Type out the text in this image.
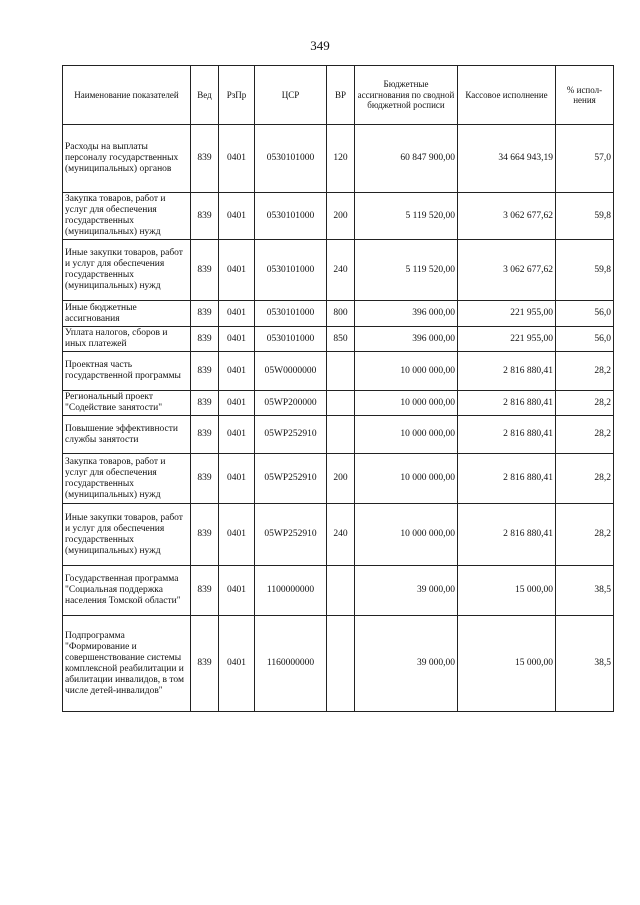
349
Наименование показателей	Вед	РзПр	ЦСР	ВР	Бюджетные ассигнования по сводной бюджетной росписи	Кассовое исполнение	% испол-нения
Расходы на выплаты персоналу государственных (муниципальных) органов	839	0401	0530101000	120	60 847 900,00	34 664 943,19	57,0
Закупка товаров, работ и услуг для обеспечения государственных (муниципальных) нужд	839	0401	0530101000	200	5 119 520,00	3 062 677,62	59,8
Иные закупки товаров, работ и услуг для обеспечения государственных (муниципальных) нужд	839	0401	0530101000	240	5 119 520,00	3 062 677,62	59,8
Иные бюджетные ассигнования	839	0401	0530101000	800	396 000,00	221 955,00	56,0
Уплата налогов, сборов и иных платежей	839	0401	0530101000	850	396 000,00	221 955,00	56,0
Проектная часть государственной программы	839	0401	05W0000000		10 000 000,00	2 816 880,41	28,2
Региональный проект "Содействие занятости"	839	0401	05WP200000		10 000 000,00	2 816 880,41	28,2
Повышение эффективности службы занятости	839	0401	05WP252910		10 000 000,00	2 816 880,41	28,2
Закупка товаров, работ и услуг для обеспечения государственных (муниципальных) нужд	839	0401	05WP252910	200	10 000 000,00	2 816 880,41	28,2
Иные закупки товаров, работ и услуг для обеспечения государственных (муниципальных) нужд	839	0401	05WP252910	240	10 000 000,00	2 816 880,41	28,2
Государственная программа "Социальная поддержка населения Томской области"	839	0401	1100000000		39 000,00	15 000,00	38,5
Подпрограмма "Формирование и совершенствование системы комплексной реабилитации и абилитации инвалидов, в том числе детей-инвалидов"	839	0401	1160000000		39 000,00	15 000,00	38,5
